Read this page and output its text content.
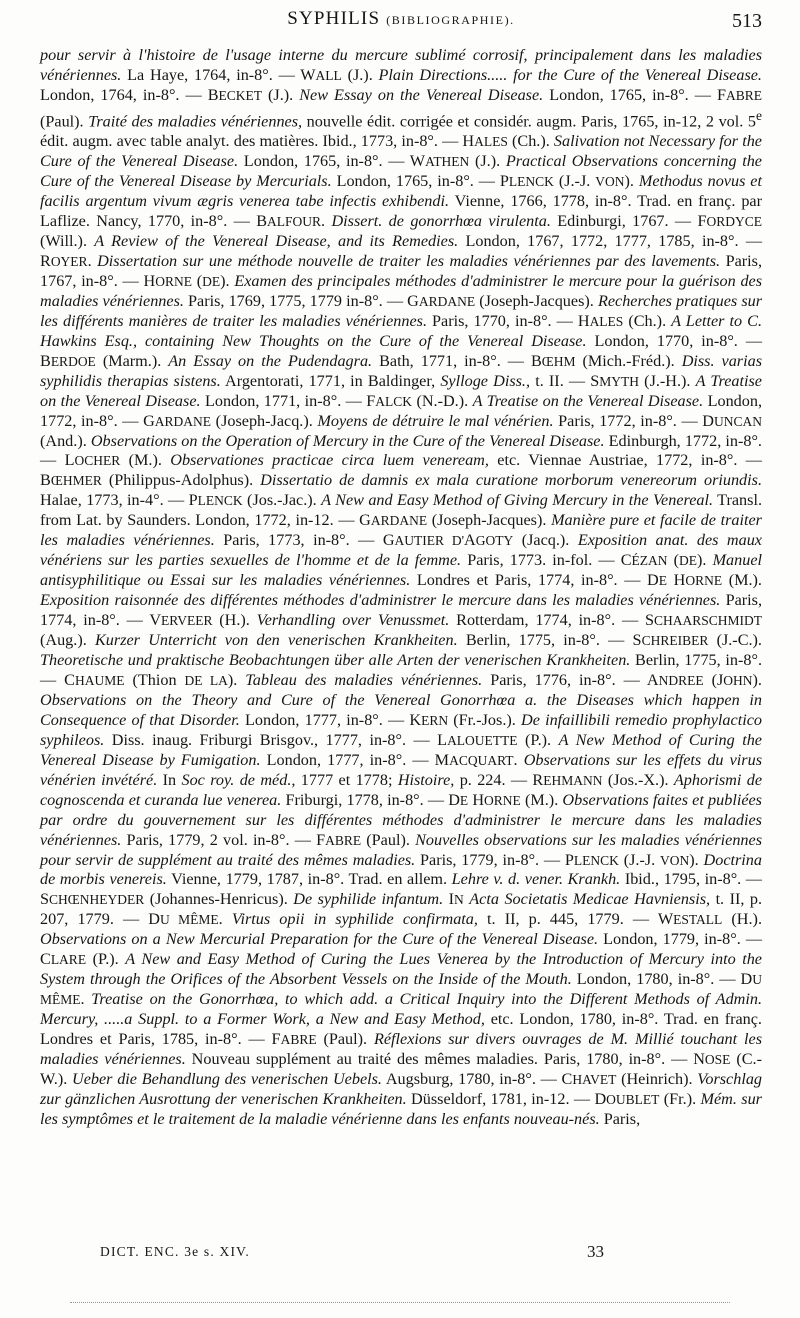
SYPHILIS (BIBLIOGRAPHIE).	513
pour servir à l'histoire de l'usage interne du mercure sublimé corrosif, principalement dans les maladies vénériennes. La Haye, 1764, in-8°. — WALL (J.). Plain Directions..... for the Cure of the Venereal Disease. London, 1764, in-8°. — BECKET (J.). New Essay on the Venereal Disease. London, 1765, in-8°. — FABRE (Paul). Traité des maladies vénériennes, nouvelle édit. corrigée et considér. augm. Paris, 1765, in-12, 2 vol. 5e édit. augm. avec table analyt. des matières. Ibid., 1773, in-8°. — HALES (Ch.). Salivation not Necessary for the Cure of the Venereal Disease. London, 1765, in-8°. — WATHEN (J.). Practical Observations concerning the Cure of the Venereal Disease by Mercurials. London, 1765, in-8°. — PLENCK (J.-J. VON). Methodus novus et facilis argentum vivum ægris venerea tabe infectis exhibendi. Vienne, 1766, 1778, in-8°. Trad. en franç. par Laflize. Nancy, 1770, in-8°. — BALFOUR. Dissert. de gonorrhœa virulenta. Edinburgi, 1767. — FORDYCE (Will.). A Review of the Venereal Disease, and its Remedies. London, 1767, 1772, 1777, 1785, in-8°. — ROYER. Dissertation sur une méthode nouvelle de traiter les maladies vénériennes par des lavements. Paris, 1767, in-8°. — HORNE (DE). Examen des principales méthodes d'administrer le mercure pour la guérison des maladies vénériennes. Paris, 1769, 1775, 1779 in-8°. — GARDANE (Joseph-Jacques). Recherches pratiques sur les différents manières de traiter les maladies vénériennes. Paris, 1770, in-8°. — HALES (Ch.). A Letter to C. Hawkins Esq., containing New Thoughts on the Cure of the Venereal Disease. London, 1770, in-8°. — BERDOE (Marm.). An Essay on the Pudendagra. Bath, 1771, in-8°. — BŒHM (Mich.-Fréd.). Diss. varias syphilidis therapias sistens. Argentorati, 1771, in Baldinger, Sylloge Diss., t. II. — SMYTH (J.-H.). A Treatise on the Venereal Disease. London, 1771, in-8°. — FALCK (N.-D.). A Treatise on the Venereal Disease. London, 1772, in-8°. — GARDANE (Joseph-Jacq.). Moyens de détruire le mal vénérien. Paris, 1772, in-8°. — DUNCAN (And.). Observations on the Operation of Mercury in the Cure of the Venereal Disease. Edinburgh, 1772, in-8°. — LOCHER (M.). Observationes practicae circa luem veneream, etc. Viennae Austriae, 1772, in-8°. — BŒHMER (Philippus-Adolphus). Dissertatio de damnis ex mala curatione morborum venereorum oriundis. Halae, 1773, in-4°. — PLENCK (Jos.-Jac.). A New and Easy Method of Giving Mercury in the Venereal. Transl. from Lat. by Saunders. London, 1772, in-12. — GARDANE (Joseph-Jacques). Manière pure et facile de traiter les maladies vénériennes. Paris, 1773, in-8°. — GAUTIER D'AGOTY (Jacq.). Exposition anat. des maux vénériens sur les parties sexuelles de l'homme et de la femme. Paris, 1773. in-fol. — CÉZAN (DE). Manuel antisyphilitique ou Essai sur les maladies vénériennes. Londres et Paris, 1774, in-8°. — DE HORNE (M.). Exposition raisonnée des différentes méthodes d'administrer le mercure dans les maladies vénériennes. Paris, 1774, in-8°. — VERVEER (H.). Verhandling over Venussmet. Rotterdam, 1774, in-8°. — SCHAARSCHMIDT (Aug.). Kurzer Unterricht von den venerischen Krankheiten. Berlin, 1775, in-8°. — SCHREIBER (J.-C.). Theoretische und praktische Beobachtungen über alle Arten der venerischen Krankheiten. Berlin, 1775, in-8°. — CHAUME (Thion DE LA). Tableau des maladies vénériennes. Paris, 1776, in-8°. — ANDREE (JOHN). Observations on the Theory and Cure of the Venereal Gonorrhœa a. the Diseases which happen in Consequence of that Disorder. London, 1777, in-8°. — KERN (Fr.-Jos.). De infaillibili remedio prophylactico syphileos. Diss. inaug. Friburgi Brisgov., 1777, in-8°. — LALOUETTE (P.). A New Method of Curing the Venereal Disease by Fumigation. London, 1777, in-8°. — MACQUART. Observations sur les effets du virus vénérien invétéré. In Soc roy. de méd., 1777 et 1778; Histoire, p. 224. — REHMANN (Jos.-X.). Aphorismi de cognoscenda et curanda lue venerea. Friburgi, 1778, in-8°. — DE HORNE (M.). Observations faites et publiées par ordre du gouvernement sur les différentes méthodes d'administrer le mercure dans les maladies vénériennes. Paris, 1779, 2 vol. in-8°. — FABRE (Paul). Nouvelles observations sur les maladies vénériennes pour servir de supplément au traité des mêmes maladies. Paris, 1779, in-8°. — PLENCK (J.-J. VON). Doctrina de morbis venereis. Vienne, 1779, 1787, in-8°. Trad. en allem. Lehre v. d. vener. Krankh. Ibid., 1795, in-8°. — SCHŒNHEYDER (Johannes-Henricus). De syphilide infantum. IN Acta Societatis Medicae Havniensis, t. II, p. 207, 1779. — DU MÊME. Virtus opii in syphilide confirmata, t. II, p. 445, 1779. — WESTALL (H.). Observations on a New Mercurial Preparation for the Cure of the Venereal Disease. London, 1779, in-8°. — CLARE (P.). A New and Easy Method of Curing the Lues Venerea by the Introduction of Mercury into the System through the Orifices of the Absorbent Vessels on the Inside of the Mouth. London, 1780, in-8°. — DU MÊME. Treatise on the Gonorrhœa, to which add. a Critical Inquiry into the Different Methods of Admin. Mercury, .....a Suppl. to a Former Work, a New and Easy Method, etc. London, 1780, in-8°. Trad. en franç. Londres et Paris, 1785, in-8°. — FABRE (Paul). Réflexions sur divers ouvrages de M. Millié touchant les maladies vénériennes. Nouveau supplément au traité des mêmes maladies. Paris, 1780, in-8°. — NOSE (C.-W.). Ueber die Behandlung des venerischen Uebels. Augsburg, 1780, in-8°. — CHAVET (Heinrich). Vorschlag zur gänzlichen Ausrottung der venerischen Krankheiten. Düsseldorf, 1781, in-12. — DOUBLET (Fr.). Mém. sur les symptômes et le traitement de la maladie vénérienne dans les enfants nouveau-nés. Paris,
DICT. ENC. 3e s. XIV.	33
